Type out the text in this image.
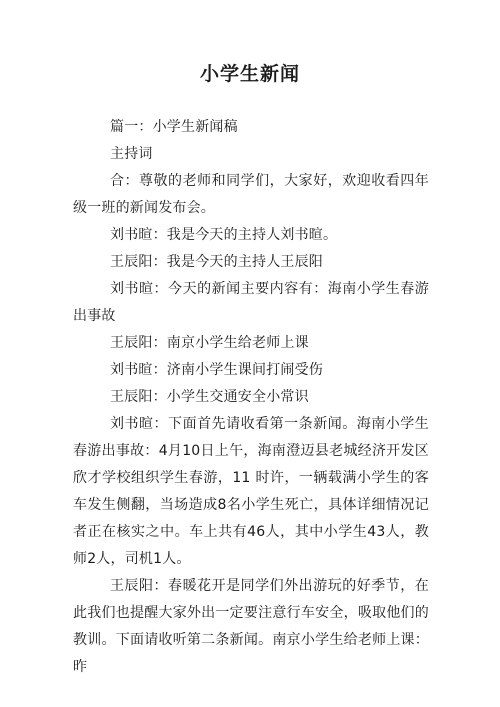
小学生新闻

篇一：小学生新闻稿

主持词

合：尊敬的老师和同学们，大家好，欢迎收看四年级一班的新闻发布会。

刘书暄：我是今天的主持人刘书暄。

王辰阳：我是今天的主持人王辰阳

刘书暄：今天的新闻主要内容有：海南小学生春游出事故

王辰阳：南京小学生给老师上课

刘书暄：济南小学生课间打闹受伤

王辰阳：小学生交通安全小常识

刘书暄：下面首先请收看第一条新闻。海南小学生春游出事故：4月10日上午，海南澄迈县老城经济开发区欣才学校组织学生春游，11 时许，一辆载满小学生的客车发生侧翻，当场造成8名小学生死亡，具体详细情况记者正在核实之中。车上共有46人，其中小学生43人，教师2人，司机1人。

王辰阳：春暖花开是同学们外出游玩的好季节，在此我们也提醒大家外出一定要注意行车安全，吸取他们的教训。下面请收听第二条新闻。南京小学生给老师上课：昨
